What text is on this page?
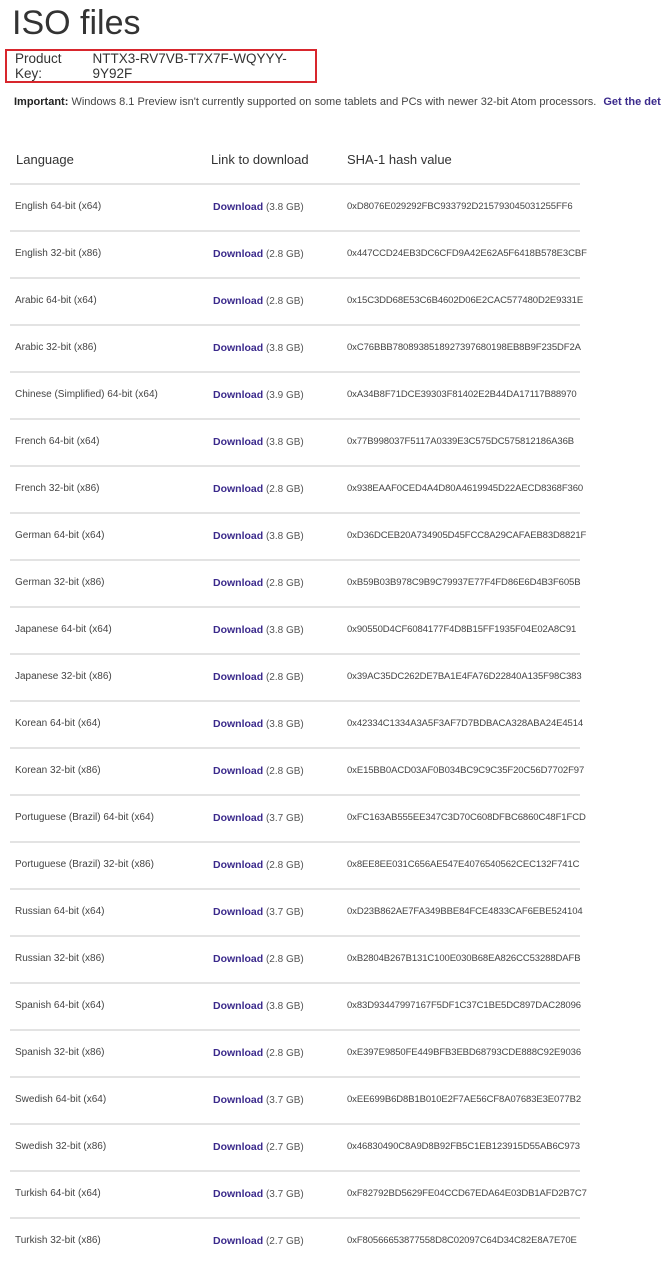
ISO files
Product Key:
NTTX3-RV7VB-T7X7F-WQYYY-9Y92F
Important: Windows 8.1 Preview isn't currently supported on some tablets and PCs with newer 32-bit Atom processors. Get the det
Language	Link to download	SHA-1 hash value
English 64-bit (x64)	Download (3.8 GB)	0xD8076E029292FBC933792D215793045031255FF6
English 32-bit (x86)	Download (2.8 GB)	0x447CCD24EB3DC6CFD9A42E62A5F6418B578E3CBF
Arabic 64-bit (x64)	Download (2.8 GB)	0x15C3DD68E53C6B4602D06E2CAC577480D2E9331E
Arabic 32-bit (x86)	Download (3.8 GB)	0xC76BBB7808938518927397680198EB8B9F235DF2A
Chinese (Simplified) 64-bit (x64)	Download (3.9 GB)	0xA34B8F71DCE39303F81402E2B44DA17117B88970
French 64-bit (x64)	Download (3.8 GB)	0x77B998037F5117A0339E3C575DC575812186A36B
French 32-bit (x86)	Download (2.8 GB)	0x938EAAF0CED4A4D80A4619945D22AECD8368F360
German 64-bit (x64)	Download (3.8 GB)	0xD36DCEB20A734905D45FCC8A29CAFAEB83D8821F
German 32-bit (x86)	Download (2.8 GB)	0xB59B03B978C9B9C79937E77F4FD86E6D4B3F605B
Japanese 64-bit (x64)	Download (3.8 GB)	0x90550D4CF6084177F4D8B15FF1935F04E02A8C91
Japanese 32-bit (x86)	Download (2.8 GB)	0x39AC35DC262DE7BA1E4FA76D22840A135F98C383
Korean 64-bit (x64)	Download (3.8 GB)	0x42334C1334A3A5F3AF7D7BDBACA328ABA24E4514
Korean 32-bit (x86)	Download (2.8 GB)	0xE15BB0ACD03AF0B034BC9C9C35F20C56D7702F97
Portuguese (Brazil) 64-bit (x64)	Download (3.7 GB)	0xFC163AB555EE347C3D70C608DFBC6860C48F1FCD
Portuguese (Brazil) 32-bit (x86)	Download (2.8 GB)	0x8EE8EE031C656AE547E4076540562CEC132F741C
Russian 64-bit (x64)	Download (3.7 GB)	0xD23B862AE7FA349BBE84FCE4833CAF6EBE524104
Russian 32-bit (x86)	Download (2.8 GB)	0xB2804B267B131C100E030B68EA826CC53288DAFB
Spanish 64-bit (x64)	Download (3.8 GB)	0x83D93447997167F5DF1C37C1BE5DC897DAC28096
Spanish 32-bit (x86)	Download (2.8 GB)	0xE397E9850FE449BFB3EBD68793CDE888C92E9036
Swedish 64-bit (x64)	Download (3.7 GB)	0xEE699B6D8B1B010E2F7AE56CF8A07683E3E077B2
Swedish 32-bit (x86)	Download (2.7 GB)	0x46830490C8A9D8B92FB5C1EB123915D55AB6C973
Turkish 64-bit (x64)	Download (3.7 GB)	0xF82792BD5629FE04CCD67EDA64E03DB1AFD2B7C7
Turkish 32-bit (x86)	Download (2.7 GB)	0xF80566653877558D8C02097C64D34C82E8A7E70E
